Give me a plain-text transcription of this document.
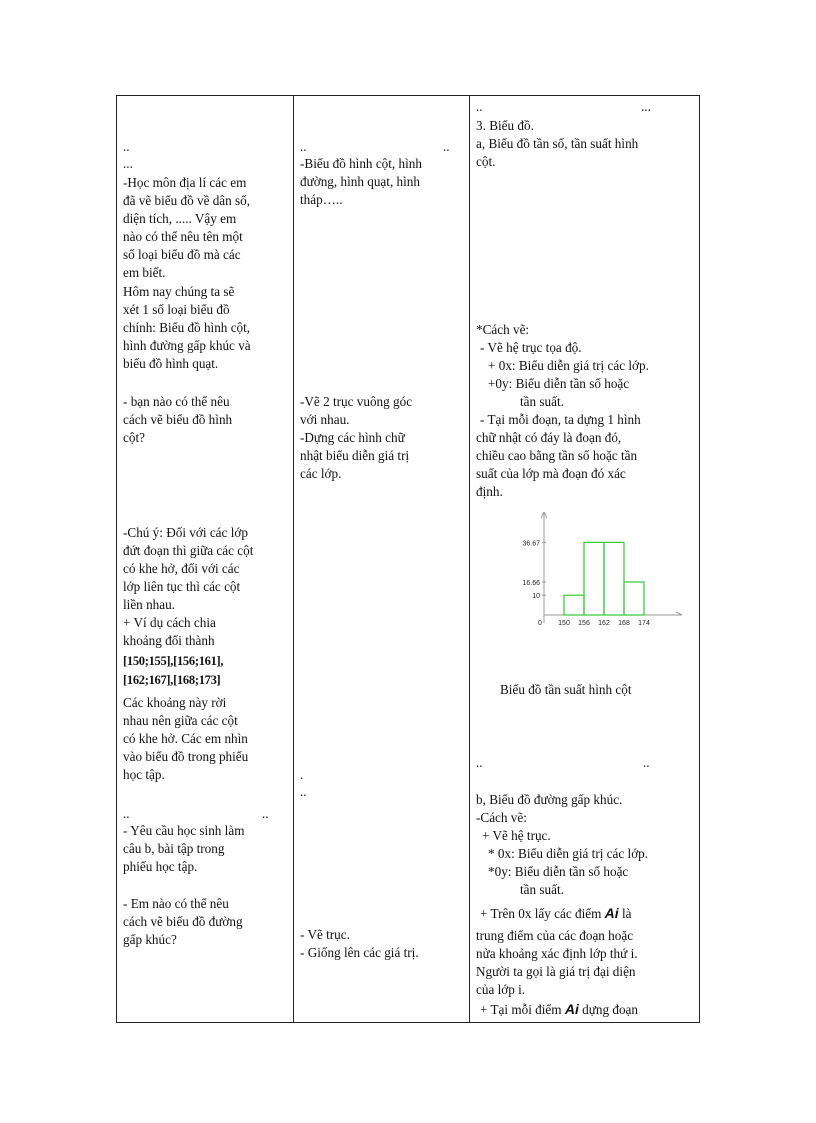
..
...
-Học môn địa lí các em
đã vẽ biểu đồ về dân số,
diện tích, ..... Vậy em
nào có thể nêu tên một
số loại biểu đồ mà các
em biết.
Hôm nay chúng ta sẽ
xét 1 số loại biểu đồ
chính: Biểu đồ hình cột,
hình đường gấp khúc và
biểu đồ hình quạt.
- bạn nào có thể nêu
cách vẽ biểu đồ hình
cột?
-Chú ý: Đối với các lớp
đứt đoạn thì giữa các cột
có khe hở, đối với các
lớp liên tục thì các cột
liền nhau.
+ Ví dụ cách chia
khoảng đổi thành
[150;155],[156;161],
[162;167],[168;173]
Các khoảng này rời
nhau nên giữa các cột
có khe hở. Các em nhìn
vào biểu đồ trong phiếu
học tập.
..	..
- Yêu cầu học sinh làm
câu b, bài tập trong
phiếu học tập.
- Em nào có thể nêu
cách vẽ biểu đồ đường
gấp khúc?
..	..
-Biểu đồ hình cột, hình
đường, hình quạt, hình
tháp…..
-Vẽ 2 trục vuông góc
với nhau.
-Dựng các hình chữ
nhật biểu diễn giá trị
các lớp.
.
..
- Vẽ trục.
- Giống lên các giá trị.
..	...
3. Biểu đồ.
a, Biểu đồ tần số, tần suất hình
cột.
*Cách vẽ:
- Vẽ hệ trục tọa độ.
+ 0x: Biểu diễn giá trị các lớp.
+0y: Biểu diễn tần số hoặc
tần suất.
- Tại mỗi đoạn, ta dựng 1 hình
chữ nhật có đáy là đoạn đó,
chiều cao bằng tần số hoặc tần
suất của lớp mà đoạn đó xác
định.
10
16.66
36.67
0 150 156 162 168 174
Biểu đồ tần suất hình cột
..	..
b, Biểu đồ đường gấp khúc.
-Cách vẽ:
+ Vẽ hệ trục.
* 0x: Biểu diễn giá trị các lớp.
*0y: Biểu diễn tần số hoặc
tần suất.
+ Trên 0x lấy các điểm Ai là
trung điểm của các đoạn hoặc
nửa khoảng xác định lớp thứ i.
Người ta gọi là giá trị đại diện
của lớp i.
+ Tại mỗi điểm Ai dựng đoạn
